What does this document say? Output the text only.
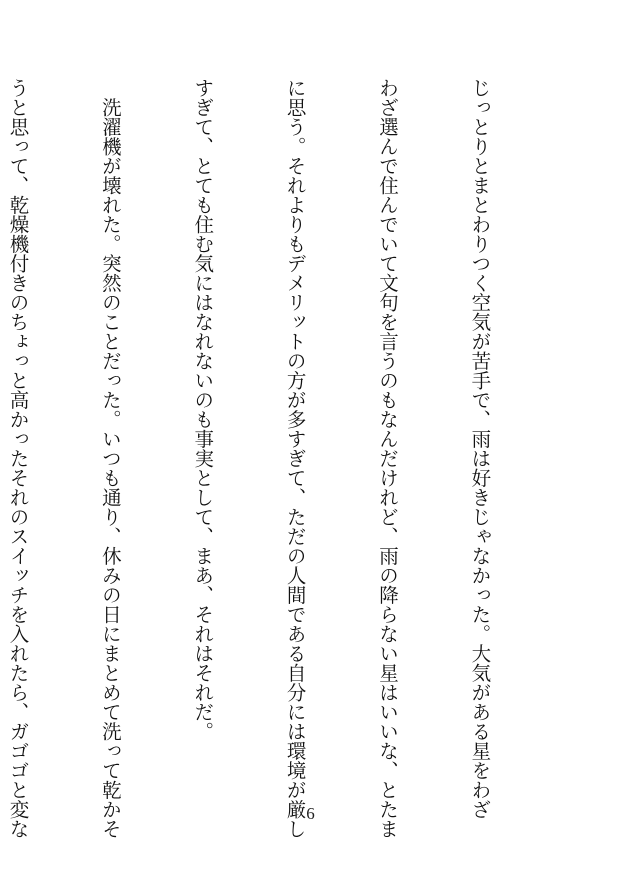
じっとりとまとわりつく空気が苦手で、雨は好きじゃなかった。大気がある星をわざ

わざ選んで住んでいて文句を言うのもなんだけれど、雨の降らない星はいいな、とたま

に思う。それよりもデメリットの方が多すぎて、ただの人間である自分には環境が厳し

すぎて、とても住む気にはなれないのも事実として、まあ、それはそれだ。

　洗濯機が壊れた。突然のことだった。いつも通り、休みの日にまとめて洗って乾かそ

うと思って、乾燥機付きのちょっと高かったそれのスイッチを入れたら、ガゴゴと変な

	6
